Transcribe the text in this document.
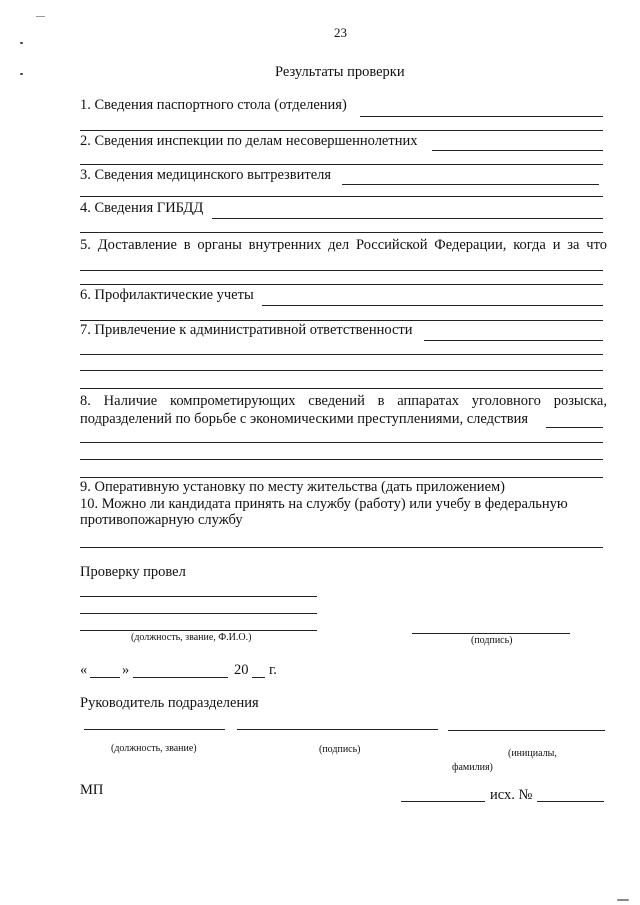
23
Результаты проверки
1. Сведения паспортного стола (отделения)
2. Сведения инспекции по делам несовершеннолетних
3. Сведения медицинского вытрезвителя
4. Сведения ГИБДД
5. Доставление в органы внутренних дел Российской Федерации, когда и за что
6. Профилактические учеты
7. Привлечение к административной ответственности
8. Наличие компрометирующих сведений в аппаратах уголовного розыска,
подразделений по борьбе с экономическими преступлениями, следствия
9. Оперативную установку по месту жительства (дать приложением)
10. Можно ли кандидата принять на службу (работу) или учебу в федеральную
противопожарную службу
Проверку провел
(должность, звание, Ф.И.О.)	(подпись)
« »	20 г.
Руководитель подразделения
(должность, звание)	(подпись)	(инициалы,
фамилия)
МП	исх. №
